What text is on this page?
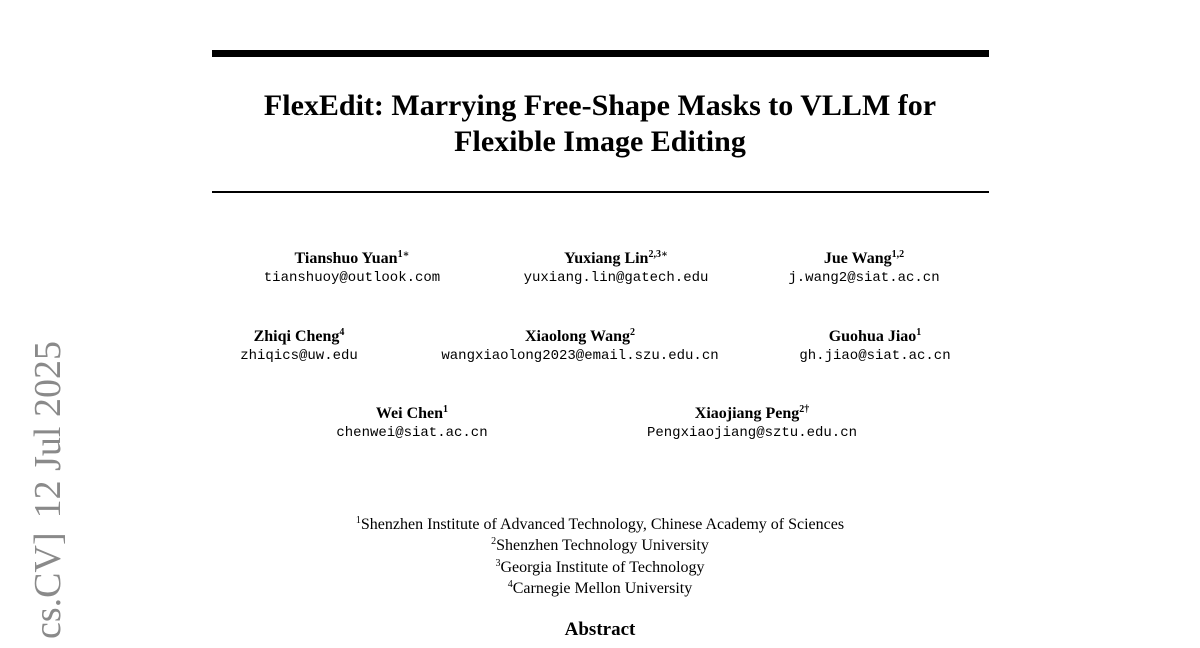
FlexEdit: Marrying Free-Shape Masks to VLLM for
Flexible Image Editing
Tianshuo Yuan$^{1∗}$
tianshuoy@outlook.com
Yuxiang Lin$^{2,3∗}$
yuxiang.lin@gatech.edu
Jue Wang$^{1,2}$
j.wang2@siat.ac.cn
Zhiqi Cheng$^4$
zhiqics@uw.edu
Xiaolong Wang$^2$
wangxiaolong2023@email.szu.edu.cn
Guohua Jiao$^1$
gh.jiao@siat.ac.cn
Wei Chen$^1$
chenwei@siat.ac.cn
Xiaojiang Peng$^{2\dagger}$
Pengxiaojiang@sztu.edu.cn
$^1$Shenzhen Institute of Advanced Technology, Chinese Academy of Sciences
$^2$Shenzhen Technology University
$^3$Georgia Institute of Technology
$^4$Carnegie Mellon University
Abstract
cs.CV]12 Jul 2025
